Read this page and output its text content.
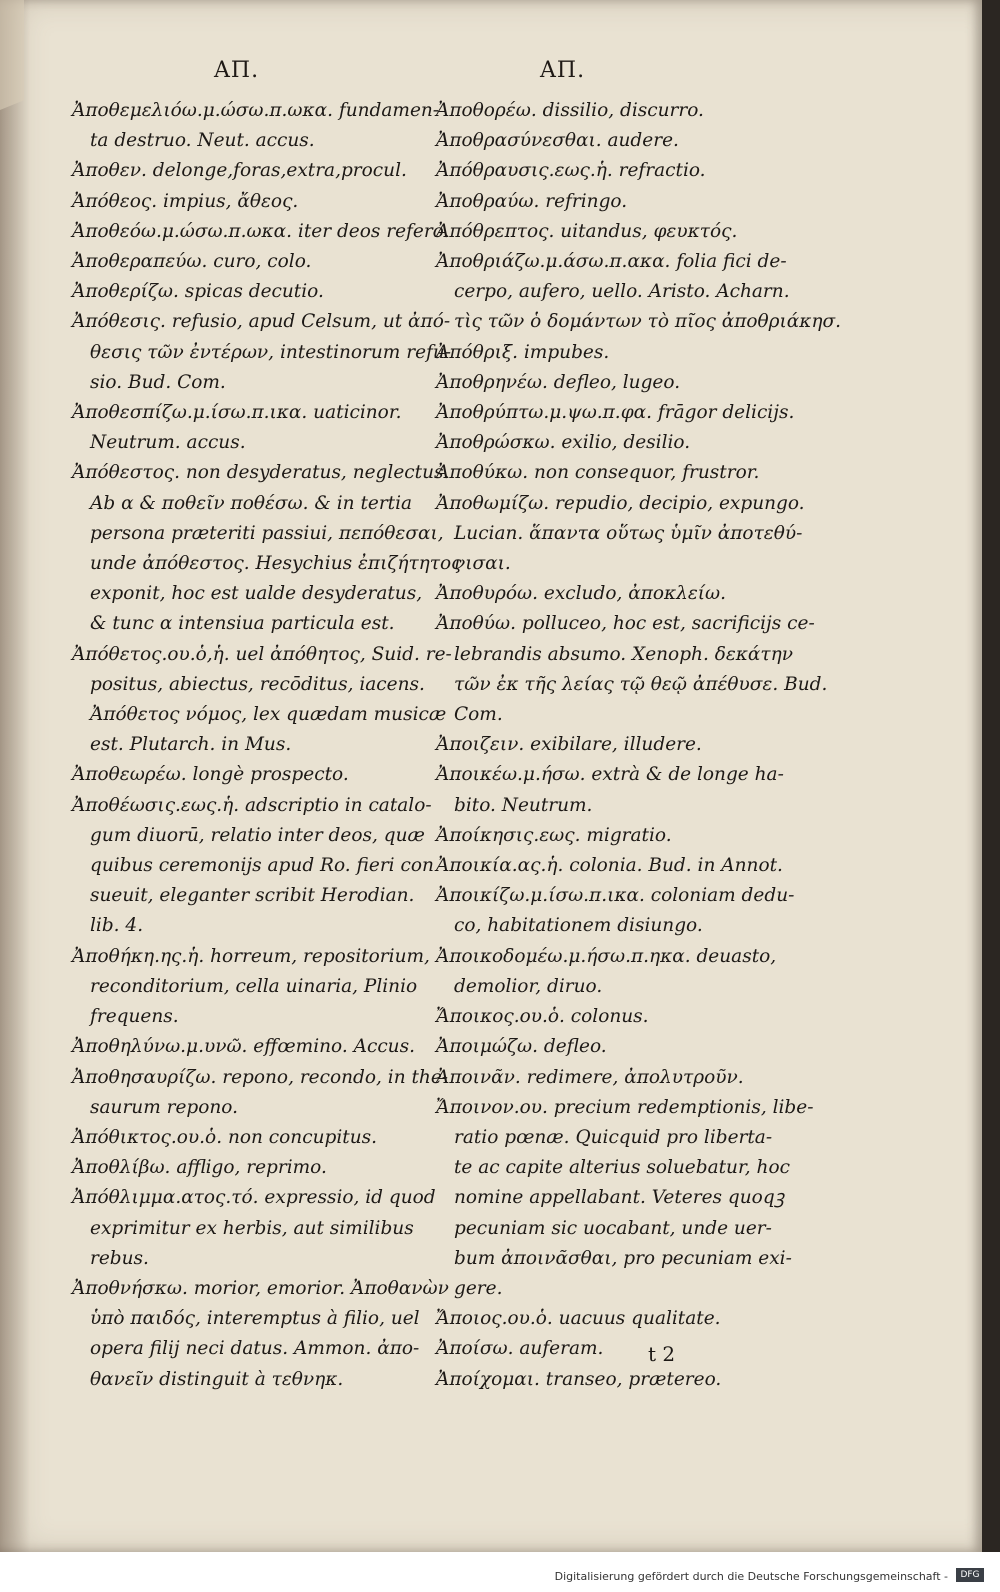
ΑΠ.	ΑΠ.
Ἀποθεμελιόω.μ.ώσω.π.ωκα. fundamen-
ta destruo. Neut. accus.
Ἀποθεν. delonge,foras,extra,procul.
Ἀπόθεος. impius, ἄθεος.
Ἀποθεόω.μ.ώσω.π.ωκα. iter deos refero.
Ἀποθεραπεύω. curo, colo.
Ἀποθερίζω. spicas decutio.
Ἀπόθεσις. refusio, apud Celsum, ut ἀπό-
θεσις τῶν ἐντέρων, intestinorum refu-
sio. Bud. Com.
Ἀποθεσπίζω.μ.ίσω.π.ικα. uaticinor.
Neutrum. accus.
Ἀπόθεστος. non desyderatus, neglectus.
Ab α & ποθεῖν ποθέσω. & in tertia
persona præteriti passiui, πεπόθεσαι,
unde ἀπόθεστος. Hesychius ἐπιζήτητος
exponit, hoc est ualde desyderatus,
& tunc α intensiua particula est.
Ἀπόθετος.ου.ὁ,ἡ. uel ἀπόθητος, Suid. re-
positus, abiectus, recōditus, iacens.
Ἀπόθετος νόμος, lex quædam musicæ
est. Plutarch. in Mus.
Ἀποθεωρέω. longè prospecto.
Ἀποθέωσις.εως.ἡ. adscriptio in catalo-
gum diuorū, relatio inter deos, quæ
quibus ceremonijs apud Ro. fieri con
sueuit, eleganter scribit Herodian.
lib. 4.
Ἀποθήκη.ης.ἡ. horreum, repositorium,
reconditorium, cella uinaria, Plinio
frequens.
Ἀποθηλύνω.μ.υνῶ. effœmino. Accus.
Ἀποθησαυρίζω. repono, recondo, in the-
saurum repono.
Ἀπόθικτος.ου.ὁ. non concupitus.
Ἀποθλίβω. affligo, reprimo.
Ἀπόθλιμμα.ατος.τό. expressio, id quod
exprimitur ex herbis, aut similibus
rebus.
Ἀποθνήσκω. morior, emorior. Ἀποθανὼν
ὑπὸ παιδός, interemptus à filio, uel
opera filij neci datus. Ammon. ἀπο-
θανεῖν distinguit à τεθνηκ.
Ἀποθορέω. dissilio, discurro.
Ἀποθρασύνεσθαι. audere.
Ἀπόθραυσις.εως.ἡ. refractio.
Ἀποθραύω. refringo.
Ἀπόθρεπτος. uitandus, φευκτός.
Ἀποθριάζω.μ.άσω.π.ακα. folia fici de-
cerpo, aufero, uello. Aristo. Acharn.
τὶς τῶν ὁ δομάντων τὸ πῖος ἀποθριάκησ.
Ἀπόθριξ. impubes.
Ἀποθρηνέω. defleo, lugeo.
Ἀποθρύπτω.μ.ψω.π.φα. frāgor delicijs.
Ἀποθρώσκω. exilio, desilio.
Ἀποθύκω. non consequor, frustror.
Ἀποθωμίζω. repudio, decipio, expungo.
Lucian. ἅπαντα οὕτως ὑμῖν ἀποτεθύ-
νισαι.
Ἀποθυρόω. excludo, ἀποκλείω.
Ἀποθύω. polluceo, hoc est, sacrificijs ce-
lebrandis absumo. Xenoph. δεκάτην
τῶν ἐκ τῆς λείας τῷ θεῷ ἀπέθυσε. Bud.
Com.
Ἀποιζειν. exibilare, illudere.
Ἀποικέω.μ.ήσω. extrà & de longe ha-
bito. Neutrum.
Ἀποίκησις.εως. migratio.
Ἀποικία.ας.ἡ. colonia. Bud. in Annot.
Ἀποικίζω.μ.ίσω.π.ικα. coloniam dedu-
co, habitationem disiungo.
Ἀποικοδομέω.μ.ήσω.π.ηκα. deuasto,
demolior, diruo.
Ἄποικος.ου.ὁ. colonus.
Ἀποιμώζω. defleo.
Ἀποινᾶν. redimere, ἀπολυτροῦν.
Ἄποινον.ου. precium redemptionis, libe-
ratio pœnæ. Quicquid pro liberta-
te ac capite alterius soluebatur, hoc
nomine appellabant. Veteres quoqꝫ
pecuniam sic uocabant, unde uer-
bum ἀποινᾶσθαι, pro pecuniam exi-
gere.
Ἄποιος.ου.ὁ. uacuus qualitate.
Ἀποίσω. auferam.
Ἀποίχομαι. transeo, prætereo.
t 2
Digitalisierung gefördert durch die Deutsche Forschungsgemeinschaft -	DFG
